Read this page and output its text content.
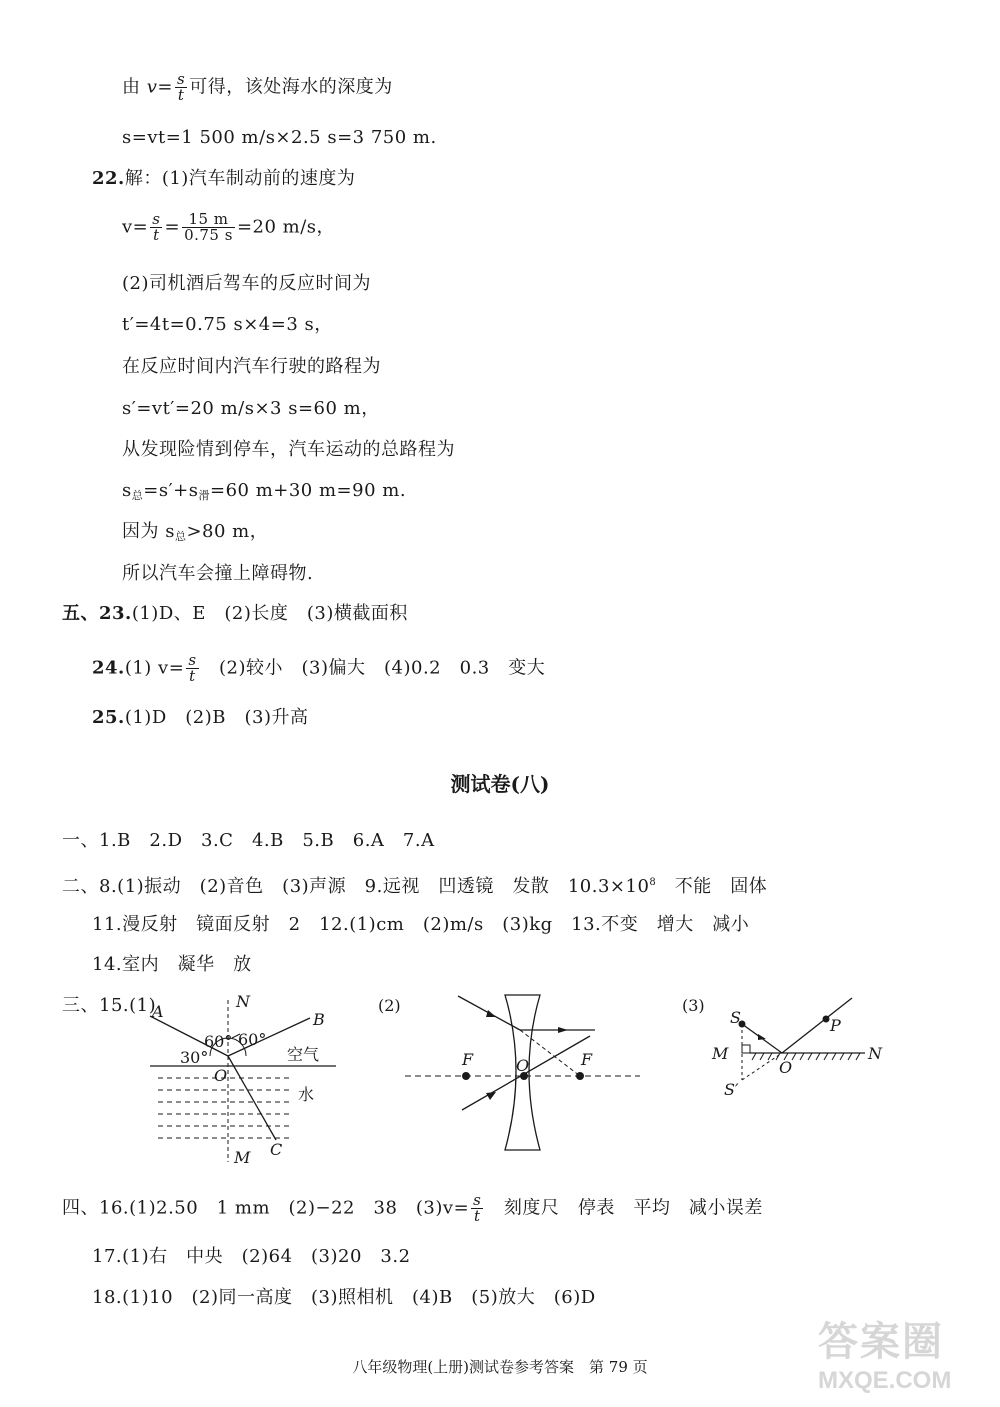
由 $v= \frac{s}{t}$ 可得，该处海水的深度为
s=vt=1 500 m/s×2.5 s=3 750 m.
22.解：(1)汽车制动前的速度为
$v= \frac{s}{t} = \frac{15 m}{0.75 s} =20$ m/s，
(2)司机酒后驾车的反应时间为
t′=4t=0.75 s×4=3 s，
在反应时间内汽车行驶的路程为
s′=vt′=20 m/s×3 s=60 m，
从发现险情到停车，汽车运动的总路程为
$s_总=s'+s_滑=60$ m+30 m=90 m.
因为 $s_总>80$ m，
所以汽车会撞上障碍物.
五、23.(1)D、E　(2)长度　(3)横截面积
24.(1) $v= \frac{s}{t}$ 　(2)较小　(3)偏大　(4)0.2　0.3　变大
25.(1)D　(2)B　(3)升高
测试卷(八)
一、1.B　2.D　3.C　4.B　5.B　6.A　7.A
二、8.(1)振动　(2)音色　(3)声源　9.远视　凹透镜　发散　$10.3\times 10^8$　不能　固体
11.漫反射　镜面反射　2　12.(1)cm　(2)m/s　(3)kg　13.不变　增大　减小
14.室内　凝华　放
三、15.(1)
A
N
B
60° 60°
30°	空气
O
水
M C
(2)
F	O	F
(3)
S	P
M
O
N
S′
四、16.(1)2.50　1 mm　(2)−22　38　$(3)v= \frac{s}{t}$ 　刻度尺　停表　平均　减小误差
17.(1)右　中央　(2)64　(3)20　3.2
18.(1)10　(2)同一高度　(3)照相机　(4)B　(5)放大　(6)D
八年级物理(上册)测试卷参考答案　第 79 页
答案圈
MXQE.COM
